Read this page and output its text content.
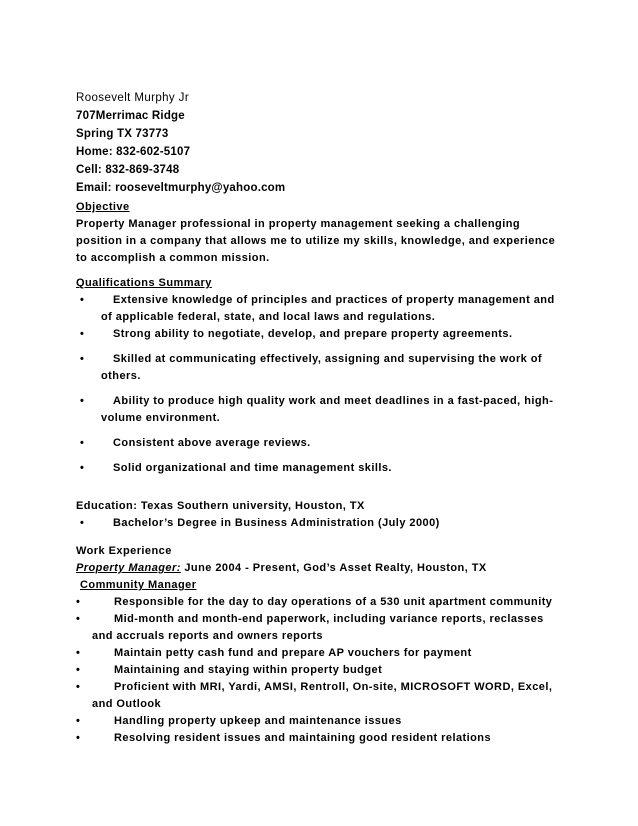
Roosevelt Murphy Jr
707Merrimac Ridge
Spring TX 73773
Home: 832-602-5107
Cell: 832-869-3748
Email: rooseveltmurphy@yahoo.com
Objective
Property Manager professional in property management seeking a challenging position in a company that allows me to utilize my skills, knowledge, and experience to accomplish a common mission.
Qualifications Summary
•	Extensive knowledge of principles and practices of property management and of applicable federal, state, and local laws and regulations.
•	Strong ability to negotiate, develop, and prepare property agreements.
•	Skilled at communicating effectively, assigning and supervising the work of others.
•	Ability to produce high quality work and meet deadlines in a fast-paced, high-volume environment.
•	Consistent above average reviews.
•	Solid organizational and time management skills.
Education: Texas Southern university, Houston, TX
•	Bachelor’s Degree in Business Administration (July 2000)
Work Experience
Property Manager: June 2004 - Present, God’s Asset Realty, Houston, TX
Community Manager
•	Responsible for the day to day operations of a 530 unit apartment community
•	Mid-month and month-end paperwork, including variance reports, reclasses and accruals reports and owners reports
•	Maintain petty cash fund and prepare AP vouchers for payment
•	Maintaining and staying within property budget
•	Proficient with MRI, Yardi, AMSI, Rentroll, On-site, MICROSOFT WORD, Excel, and Outlook
•	Handling property upkeep and maintenance issues
•	Resolving resident issues and maintaining good resident relations
